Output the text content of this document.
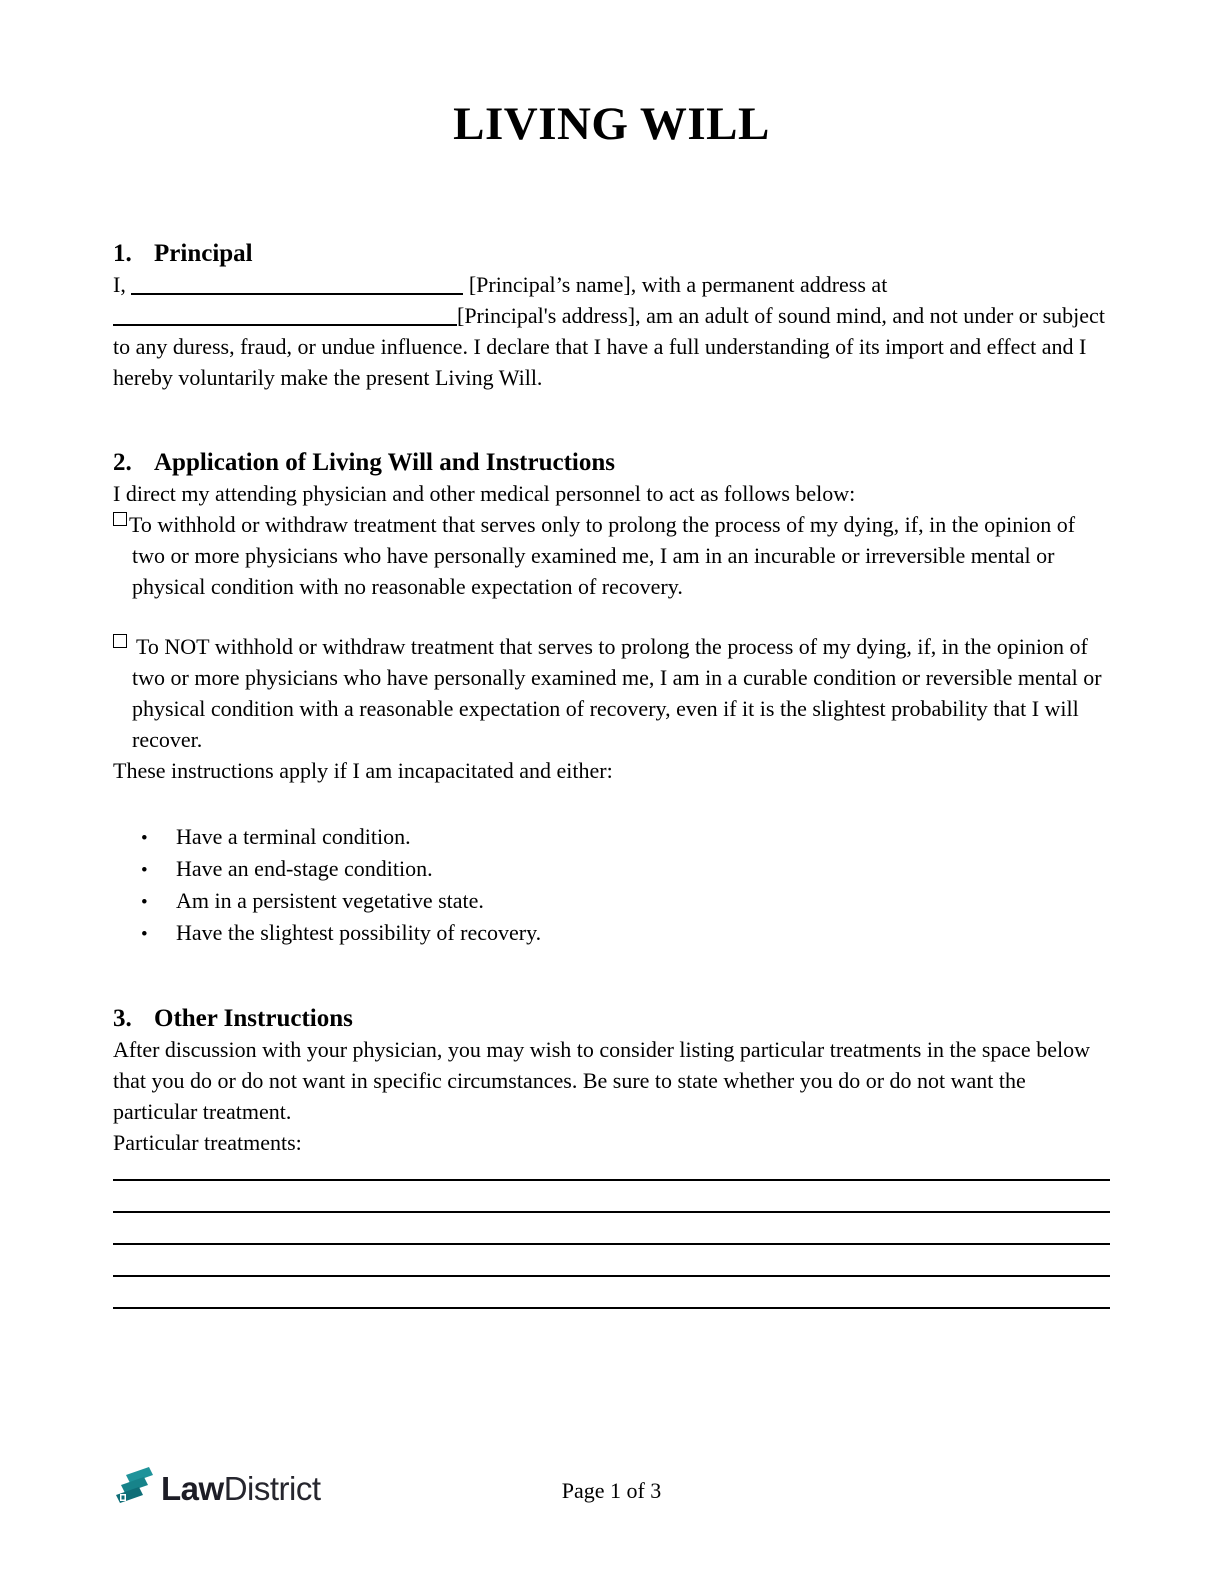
LIVING WILL
1. Principal

I,	[Principal’s name], with a permanent address at [Principal's address], am an adult of sound mind, and not under or subject to any duress, fraud, or undue influence. I declare that I have a full understanding of its import and effect and I hereby voluntarily make the present Living Will.

2. Application of Living Will and Instructions

I direct my attending physician and other medical personnel to act as follows below:

To withhold or withdraw treatment that serves only to prolong the process of my dying, if, in the opinion of two or more physicians who have personally examined me, I am in an incurable or irreversible mental or physical condition with no reasonable expectation of recovery.

To NOT withhold or withdraw treatment that serves to prolong the process of my dying, if, in the opinion of two or more physicians who have personally examined me, I am in a curable condition or reversible mental or physical condition with a reasonable expectation of recovery, even if it is the slightest probability that I will recover.

These instructions apply if I am incapacitated and either:

• Have a terminal condition.
• Have an end-stage condition.
• Am in a persistent vegetative state.
• Have the slightest possibility of recovery.
3. Other Instructions

After discussion with your physician, you may wish to consider listing particular treatments in the space below that you do or do not want in specific circumstances. Be sure to state whether you do or do not want the particular treatment.

Particular treatments:

LawDistrict	Page 1 of 3
